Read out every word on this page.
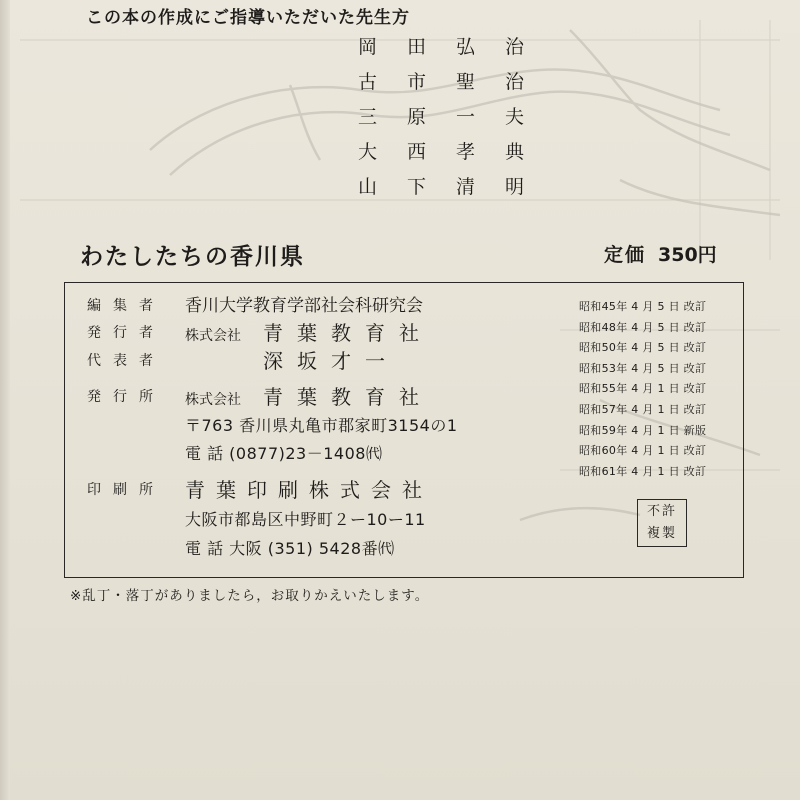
この本の作成にご指導いただいた先生方
岡 田 弘 治
古 市 聖 治
三 原 一 夫
大 西 孝 典
山 下 清 明
わたしたちの香川県	定価 350円
編 集 者 香川大学教育学部社会科研究会
発 行 者 株式会社 青葉教育社
代 表 者	深坂才一
発 行 所 株式会社 青葉教育社
〒763 香川県丸亀市郡家町3154の1
電 話 (0877)23－1408㈹
印 刷 所 青葉印刷株式会社
大阪市都島区中野町２ー10ー11
電 話 大阪 (351) 5428番㈹
昭和45年 4 月 5 日 改訂
昭和48年 4 月 5 日 改訂
昭和50年 4 月 5 日 改訂
昭和53年 4 月 5 日 改訂
昭和55年 4 月 1 日 改訂
昭和57年 4 月 1 日 改訂
昭和59年 4 月 1 日 新版
昭和60年 4 月 1 日 改訂
昭和61年 4 月 1 日 改訂
不許
複製
※乱丁・落丁がありましたら，お取りかえいたします。
